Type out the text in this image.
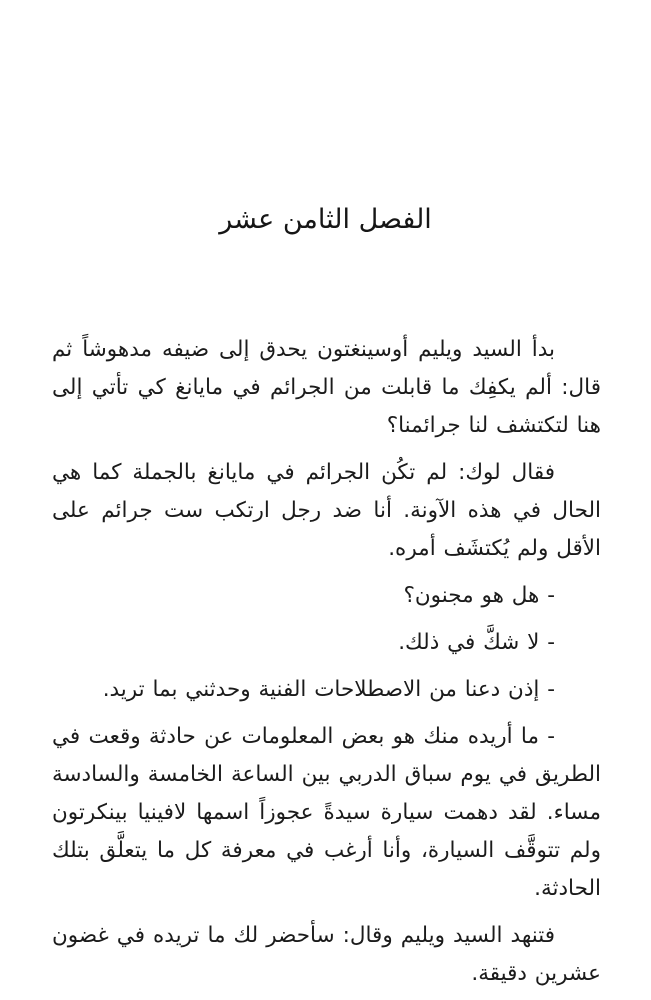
الفصل الثامن عشر

بدأ السيد ويليم أوسينغتون يحدق إلى ضيفه مدهوشاً ثم قال: ألم يكفِك ما قابلت من الجرائم في مايانغ كي تأتي إلى هنا لتكتشف لنا جرائمنا؟

فقال لوك: لم تكُن الجرائم في مايانغ بالجملة كما هي الحال في هذه الآونة. أنا ضد رجل ارتكب ست جرائم على الأقل ولم يُكتشَف أمره.

- هل هو مجنون؟

- لا شكَّ في ذلك.

- إذن دعنا من الاصطلاحات الفنية وحدثني بما تريد.

- ما أريده منك هو بعض المعلومات عن حادثة وقعت في الطريق في يوم سباق الدربي بين الساعة الخامسة والسادسة مساء. لقد دهمت سيارة سيدةً عجوزاً اسمها لافينيا بينكرتون ولم تتوقَّف السيارة، وأنا أرغب في معرفة كل ما يتعلَّق بتلك الحادثة.

فتنهد السيد ويليم وقال: سأحضر لك ما تريده في غضون عشرين دقيقة.
